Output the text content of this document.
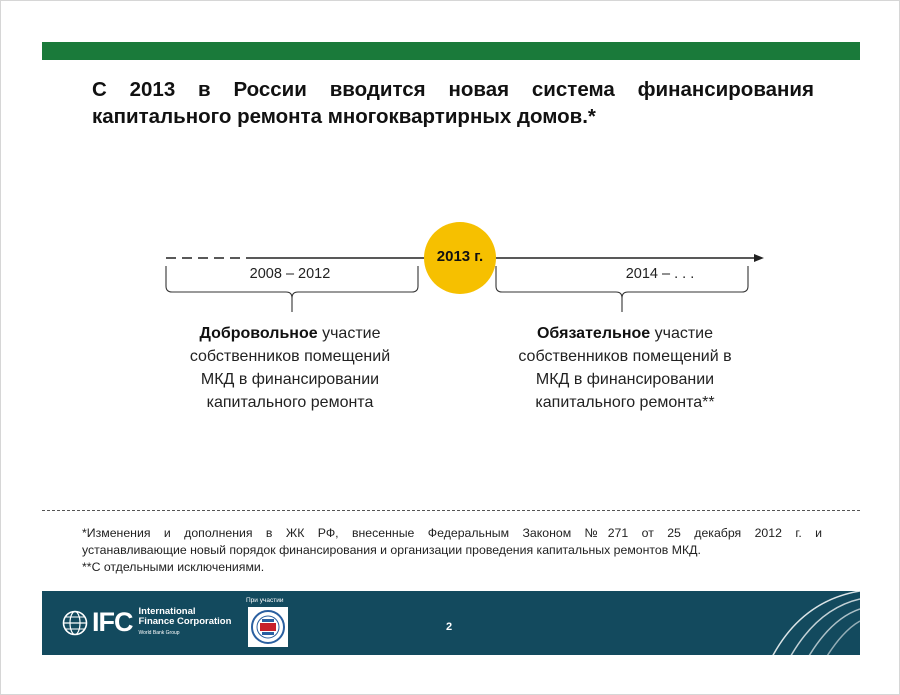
С 2013 в России вводится новая система финансирования
капитального ремонта многоквартирных домов.*
2013 г.
2008 – 2012	2014 – . . .
Добровольное участие
собственников помещений
МКД в финансировании
капитального ремонта
Обязательное участие
собственников помещений в
МКД в финансировании
капитального ремонта**
*Изменения и дополнения в ЖК РФ, внесенные Федеральным Законом №271 от 25 декабря 2012 г. и
устанавливающие новый порядок финансирования и организации проведения капитальных ремонтов МКД.
**С отдельными исключениями.
IFC International
Finance Corporation
World Bank Group
При участии
2
